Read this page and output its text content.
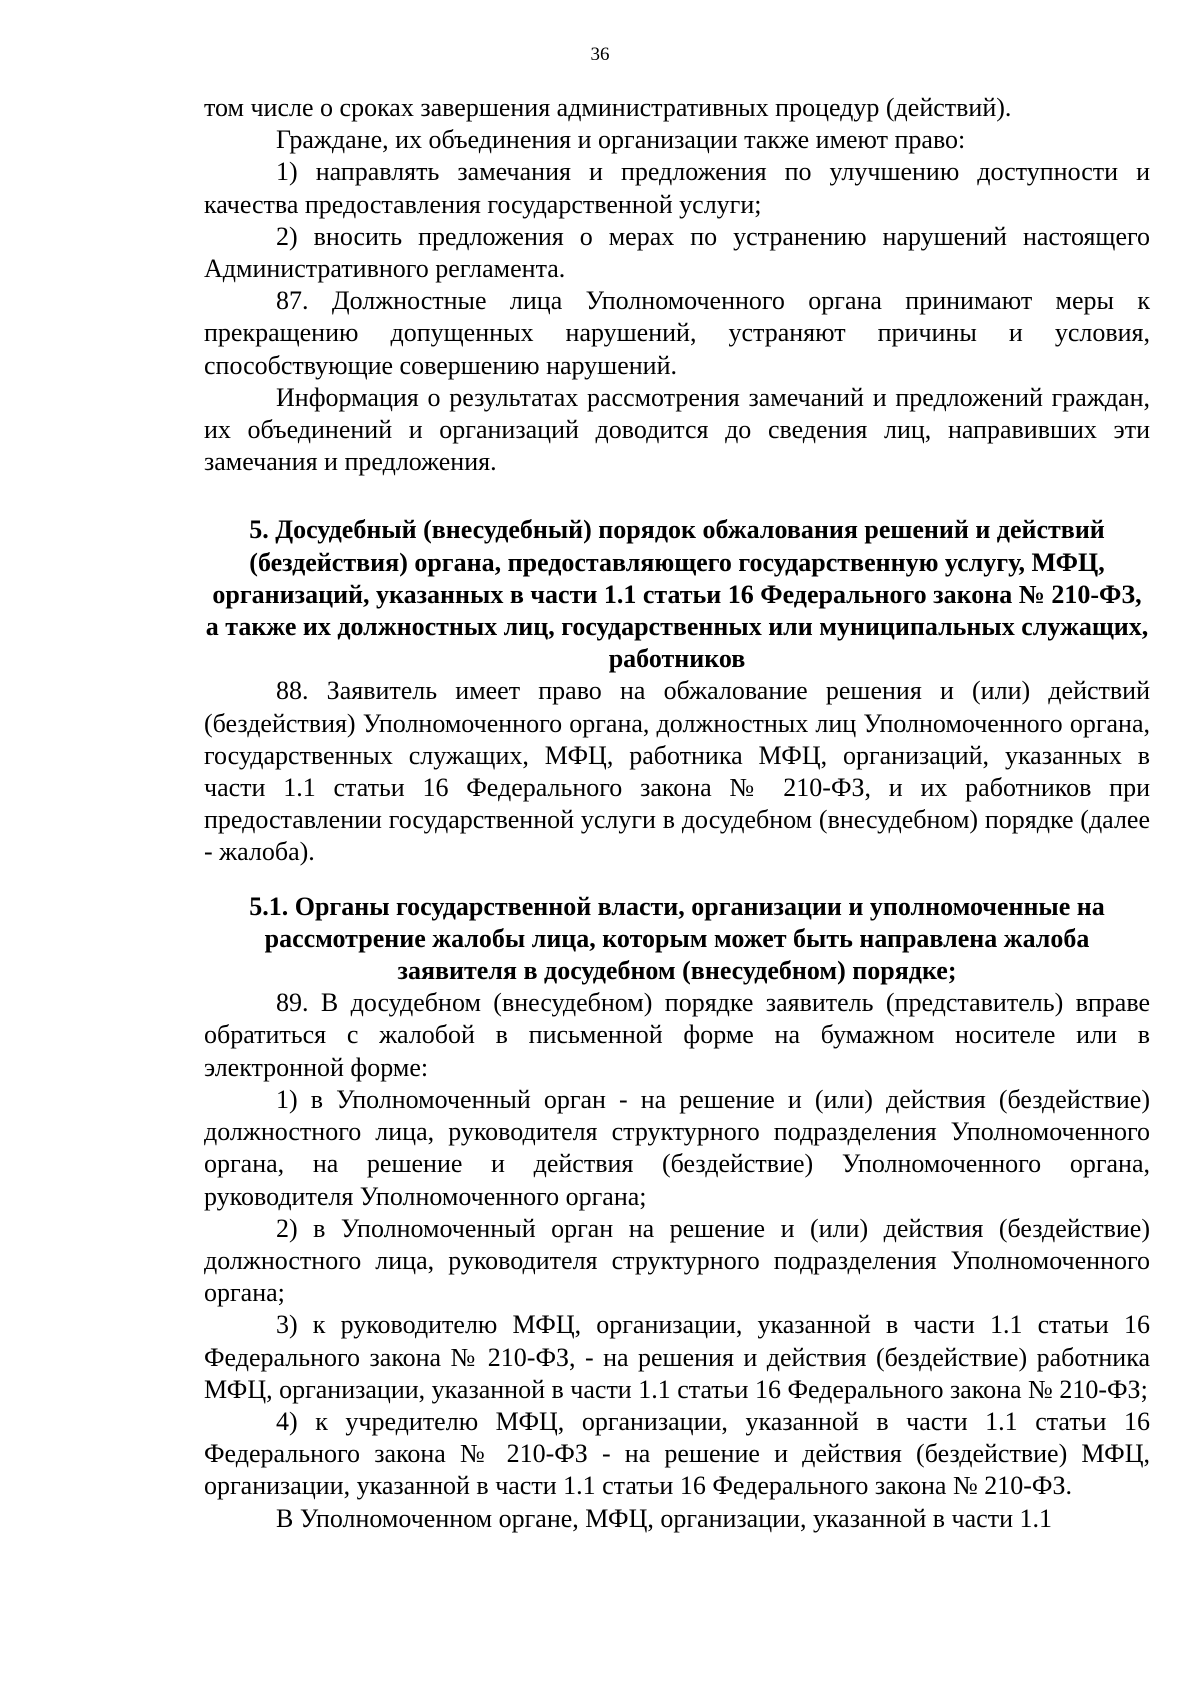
36

том числе о сроках завершения административных процедур (действий).

Граждане, их объединения и организации также имеют право:

1) направлять замечания и предложения по улучшению доступности и качества предоставления государственной услуги;

2) вносить предложения о мерах по устранению нарушений настоящего Административного регламента.

87. Должностные лица Уполномоченного органа принимают меры к прекращению допущенных нарушений, устраняют причины и условия, способствующие совершению нарушений.

Информация о результатах рассмотрения замечаний и предложений граждан, их объединений и организаций доводится до сведения лиц, направивших эти замечания и предложения.

5. Досудебный (внесудебный) порядок обжалования решений и действий (бездействия) органа, предоставляющего государственную услугу, МФЦ, организаций, указанных в части 1.1 статьи 16 Федерального закона № 210-ФЗ, а также их должностных лиц, государственных или муниципальных служащих, работников

88. Заявитель имеет право на обжалование решения и (или) действий (бездействия) Уполномоченного органа, должностных лиц Уполномоченного органа, государственных служащих, МФЦ, работника МФЦ, организаций, указанных в части 1.1 статьи 16 Федерального закона № 210-ФЗ, и их работников при предоставлении государственной услуги в досудебном (внесудебном) порядке (далее - жалоба).

5.1. Органы государственной власти, организации и уполномоченные на рассмотрение жалобы лица, которым может быть направлена жалоба заявителя в досудебном (внесудебном) порядке;

89. В досудебном (внесудебном) порядке заявитель (представитель) вправе обратиться с жалобой в письменной форме на бумажном носителе или в электронной форме:

1) в Уполномоченный орган - на решение и (или) действия (бездействие) должностного лица, руководителя структурного подразделения Уполномоченного органа, на решение и действия (бездействие) Уполномоченного органа, руководителя Уполномоченного органа;

2) в Уполномоченный орган на решение и (или) действия (бездействие) должностного лица, руководителя структурного подразделения Уполномоченного органа;

3) к руководителю МФЦ, организации, указанной в части 1.1 статьи 16 Федерального закона № 210-ФЗ, - на решения и действия (бездействие) работника МФЦ, организации, указанной в части 1.1 статьи 16 Федерального закона № 210-ФЗ;

4) к учредителю МФЦ, организации, указанной в части 1.1 статьи 16 Федерального закона № 210-ФЗ - на решение и действия (бездействие) МФЦ, организации, указанной в части 1.1 статьи 16 Федерального закона № 210-ФЗ.

В Уполномоченном органе, МФЦ, организации, указанной в части 1.1
